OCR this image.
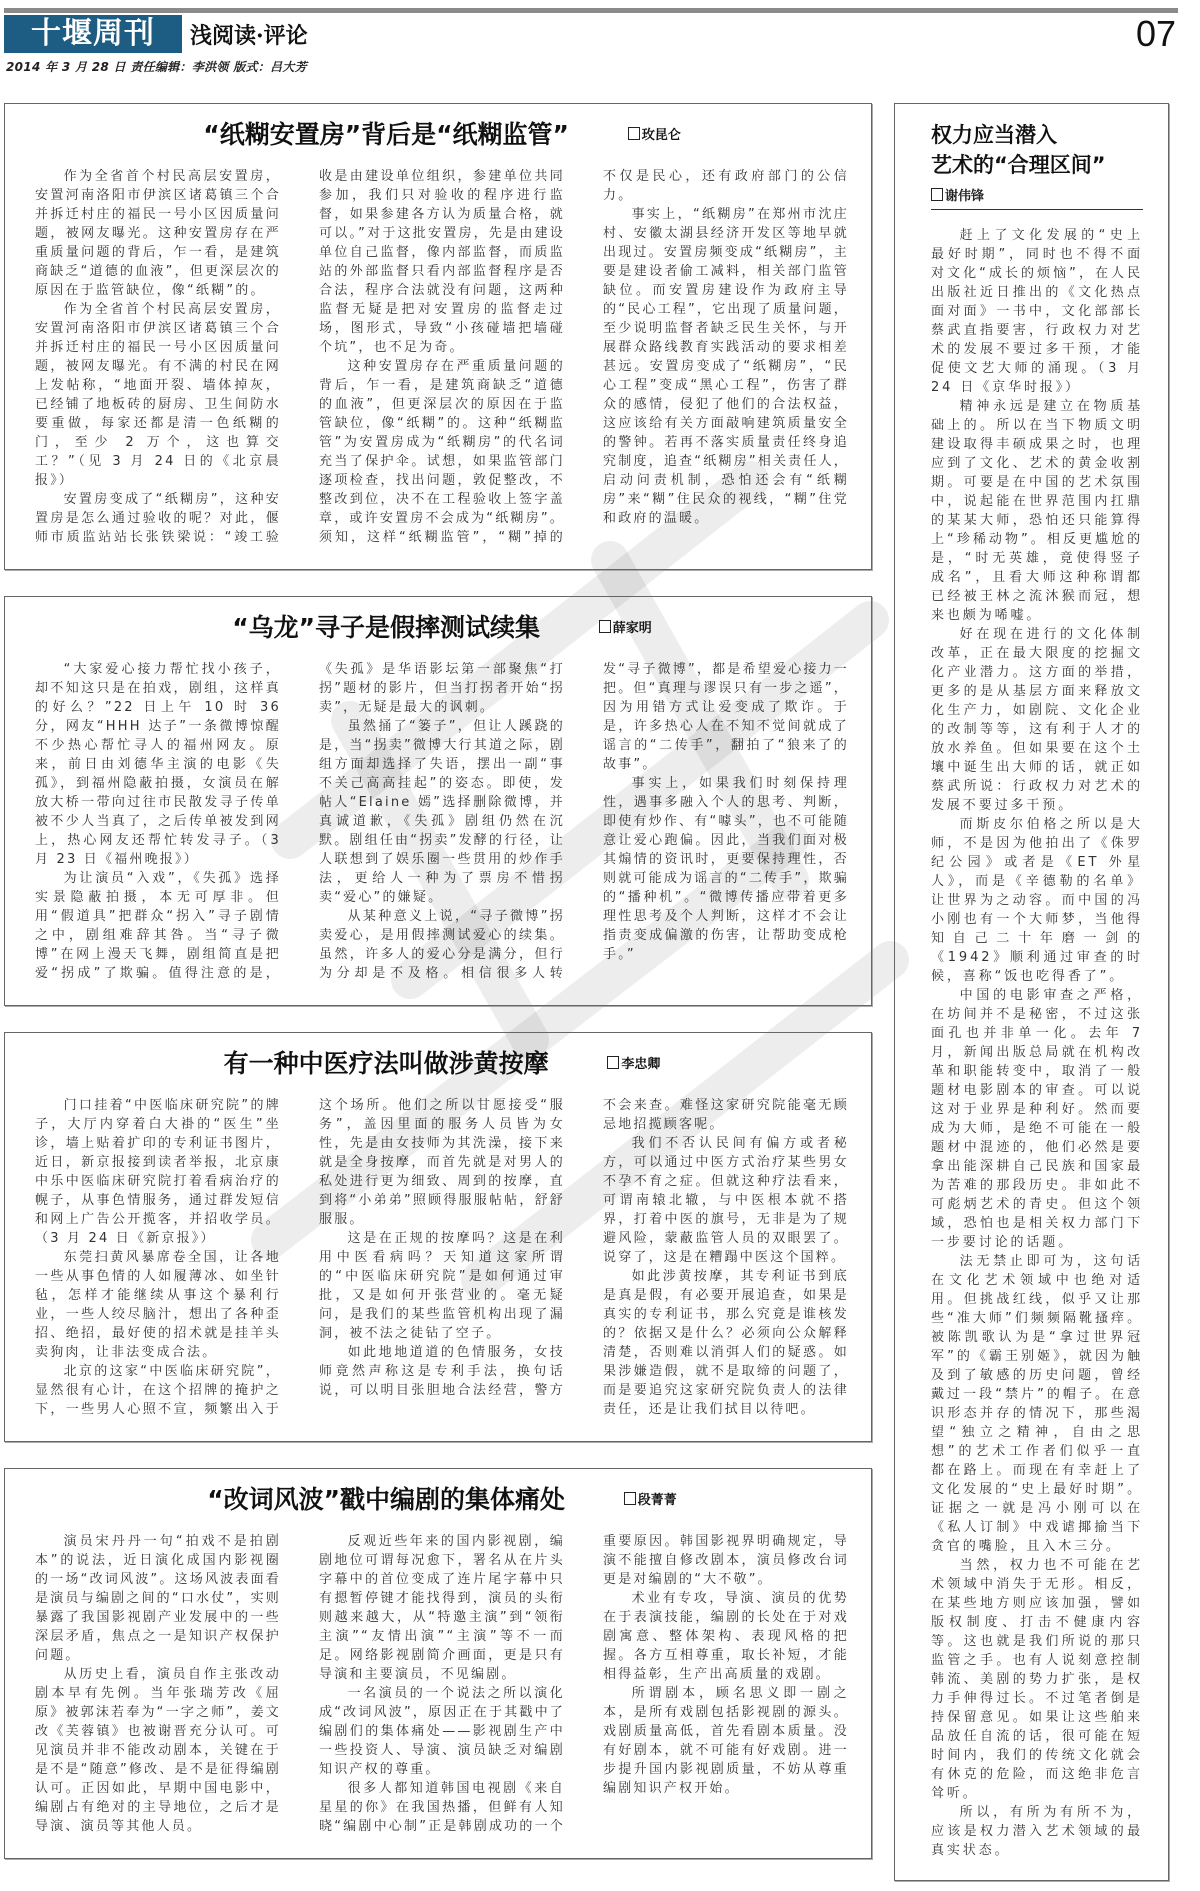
十堰周刊	浅阅读·评论	07
2014 年 3 月 28 日 责任编辑：李洪领 版式：吕大芳
“纸糊安置房”背后是“纸糊监管”	玫昆仑

作为全省首个村民高层安置房，安置河南洛阳市伊滨区诸葛镇三个合并拆迁村庄的福民一号小区因质量问题，被网友曝光。这种安置房存在严重质量问题的背后，乍一看，是建筑商缺乏“道德的血液”，但更深层次的原因在于监管缺位，像“纸糊”的。

作为全省首个村民高层安置房，安置河南洛阳市伊滨区诸葛镇三个合并拆迁村庄的福民一号小区因质量问题，被网友曝光。有不满的村民在网上发帖称，“地面开裂、墙体掉灰，已经铺了地板砖的厨房、卫生间防水要重做，每家还都是清一色纸糊的门，至少 2 万个，这也算交工？”（见 3 月 24 日的《北京晨报》）

安置房变成了“纸糊房”，这种安置房是怎么通过验收的呢？对此，偃师市质监站站长张铁梁说：“竣工验收是由建设单位组织，参建单位共同参加，我们只对验收的程序进行监督，如果参建各方认为质量合格，就可以。”对于这批安置房，先是由建设单位自己监督，像内部监督，而质监站的外部监督只看内部监督程序是否合法，程序合法就没有问题，这两种监督无疑是把对安置房的监督走过场，图形式，导致“小孩碰墙把墙碰个坑”，也不足为奇。

这种安置房存在严重质量问题的背后，乍一看，是建筑商缺乏“道德的血液”，但更深层次的原因在于监管缺位，像“纸糊”的。这种“纸糊监管”为安置房成为“纸糊房”的代名词充当了保护伞。试想，如果监管部门逐项检查，找出问题，敦促整改，不整改到位，决不在工程验收上签字盖章，或许安置房不会成为“纸糊房”。须知，这样“纸糊监管”，“糊”掉的不仅是民心，还有政府部门的公信力。

事实上，“纸糊房”在郑州市沈庄村、安徽太湖县经济开发区等地早就出现过。安置房频变成“纸糊房”，主要是建设者偷工减料，相关部门监管缺位。而安置房建设作为政府主导的“民心工程”，它出现了质量问题，至少说明监督者缺乏民生关怀，与开展群众路线教育实践活动的要求相差甚远。安置房变成了“纸糊房”，“民心工程”变成“黑心工程”，伤害了群众的感情，侵犯了他们的合法权益，这应该给有关方面敲响建筑质量安全的警钟。若再不落实质量责任终身追究制度，追查“纸糊房”相关责任人，启动问责机制，恐怕还会有“纸糊房”来“糊”住民众的视线，“糊”住党和政府的温暖。

“乌龙”寻子是假摔测试续集	薛家明

“大家爱心接力帮忙找小孩子，却不知这只是在拍戏，剧组，这样真的好么？”22 日上午 10 时 36 分，网友“HHH 达子”一条微博惊醒不少热心帮忙寻人的福州网友。原来，前日由刘德华主演的电影《失孤》，到福州隐蔽拍摄，女演员在解放大桥一带向过往市民散发寻子传单被不少人当真了，之后传单被发到网上，热心网友还帮忙转发寻子。（3 月 23 日《福州晚报》）

为让演员“入戏”，《失孤》选择实景隐蔽拍摄，本无可厚非。但用“假道具”把群众“拐入”寻子剧情之中，剧组难辞其咎。当“寻子微博”在网上漫天飞舞，剧组简直是把爱“拐成”了欺骗。值得注意的是，《失孤》是华语影坛第一部聚焦“打拐”题材的影片，但当打拐者开始“拐卖”，无疑是最大的讽刺。

虽然捅了“篓子”，但让人蹊跷的是，当“拐卖”微博大行其道之际，剧组方面却选择了失语，摆出一副“事不关己高高挂起”的姿态。即使，发帖人“Elaine 嫣”选择删除微博，并真诚道歉，《失孤》剧组仍然在沉默。剧组任由“拐卖”发酵的行径，让人联想到了娱乐圈一些贯用的炒作手法，更给人一种为了票房不惜拐卖“爱心”的嫌疑。

从某种意义上说，“寻子微博”拐卖爱心，是用假摔测试爱心的续集。虽然，许多人的爱心分是满分，但行为分却是不及格。相信很多人转发“寻子微博”，都是希望爱心接力一把。但“真理与谬误只有一步之遥”，因为用错方式让爱变成了欺诈。于是，许多热心人在不知不觉间就成了谣言的“二传手”，翻拍了“狼来了的故事”。

事实上，如果我们时刻保持理性，遇事多融入个人的思考、判断，即使有炒作、有“噱头”，也不可能随意让爱心跑偏。因此，当我们面对极其煽情的资讯时，更要保持理性，否则就可能成为谣言的“二传手”，欺骗的“播种机”。“微博传播应带着更多理性思考及个人判断，这样才不会让指责变成偏激的伤害，让帮助变成枪手。”

有一种中医疗法叫做涉黄按摩	李忠卿

门口挂着“中医临床研究院”的牌子，大厅内穿着白大褂的“医生”坐诊，墙上贴着扩印的专利证书图片，近日，新京报接到读者举报，北京康中乐中医临床研究院打着看病治疗的幌子，从事色情服务，通过群发短信和网上广告公开揽客，并招收学员。（3 月 24 日《新京报》）

东莞扫黄风暴席卷全国，让各地一些从事色情的人如履薄冰、如坐针毡，怎样才能继续从事这个暴利行业，一些人绞尽脑汁，想出了各种歪招、绝招，最好使的招术就是挂羊头卖狗肉，让非法变成合法。

北京的这家“中医临床研究院”，显然很有心计，在这个招牌的掩护之下，一些男人心照不宣，频繁出入于这个场所。他们之所以甘愿接受“服务”，盖因里面的服务人员皆为女性，先是由女技师为其洗澡，接下来就是全身按摩，而首先就是对男人的私处进行更为细致、周到的按摩，直到将“小弟弟”照顾得服服帖帖，舒舒服服。

这是在正规的按摩吗？这是在利用中医看病吗？天知道这家所谓的“中医临床研究院”是如何通过审批，又是如何开张营业的。毫无疑问，是我们的某些监管机构出现了漏洞，被不法之徒钻了空子。

如此地地道道的色情服务，女技师竟然声称这是专利手法，换句话说，可以明目张胆地合法经营，警方不会来查。难怪这家研究院能毫无顾忌地招揽顾客呢。

我们不否认民间有偏方或者秘方，可以通过中医方式治疗某些男女不孕不育之症。但就这种疗法看来，可谓南辕北辙，与中医根本就不搭界，打着中医的旗号，无非是为了规避风险，蒙蔽监管人员的双眼罢了。说穿了，这是在糟蹋中医这个国粹。

如此涉黄按摩，其专利证书到底是真是假，有必要开展追查，如果是真实的专利证书，那么究竟是谁核发的？依据又是什么？必须向公众解释清楚，否则难以消弭人们的疑惑。如果涉嫌造假，就不是取缔的问题了，而是要追究这家研究院负责人的法律责任，还是让我们拭目以待吧。

“改词风波”戳中编剧的集体痛处	段菁菁

演员宋丹丹一句“拍戏不是拍剧本”的说法，近日演化成国内影视圈的一场“改词风波”。这场风波表面看是演员与编剧之间的“口水仗”，实则暴露了我国影视剧产业发展中的一些深层矛盾，焦点之一是知识产权保护问题。

从历史上看，演员自作主张改动剧本早有先例。当年张瑞芳改《屈原》被郭沫若奉为“一字之师”，姜文改《芙蓉镇》也被谢晋充分认可。可见演员并非不能改动剧本，关键在于是不是“随意”修改、是不是征得编剧认可。正因如此，早期中国电影中，编剧占有绝对的主导地位，之后才是导演、演员等其他人员。

反观近些年来的国内影视剧，编剧地位可谓每况愈下，署名从在片头字幕中的首位变成了连片尾字幕中只有摁暂停键才能找得到，演员的头衔则越来越大，从“特邀主演”到“领衔主演”“友情出演”“主演”等不一而足。网络影视剧简介画面，更是只有导演和主要演员，不见编剧。

一名演员的一个说法之所以演化成“改词风波”，原因正在于其戳中了编剧们的集体痛处——影视剧生产中一些投资人、导演、演员缺乏对编剧知识产权的尊重。

很多人都知道韩国电视剧《来自星星的你》在我国热播，但鲜有人知晓“编剧中心制”正是韩剧成功的一个重要原因。韩国影视界明确规定，导演不能擅自修改剧本，演员修改台词更是对编剧的“大不敬”。

术业有专攻，导演、演员的优势在于表演技能，编剧的长处在于对戏剧寓意、整体架构、表现风格的把握。各方互相尊重，取长补短，才能相得益彰，生产出高质量的戏剧。

所谓剧本，顾名思义即一剧之本，是所有戏剧包括影视剧的源头。戏剧质量高低，首先看剧本质量。没有好剧本，就不可能有好戏剧。进一步提升国内影视剧质量，不妨从尊重编剧知识产权开始。

权力应当潜入
艺术的“合理区间”
谢伟锋

赶上了文化发展的“史上最好时期”，同时也不得不面对文化“成长的烦恼”，在人民出版社近日推出的《文化热点面对面》一书中，文化部部长蔡武直指要害，行政权力对艺术的发展不要过多干预，才能促使文艺大师的涌现。（3 月 24 日《京华时报》）

精神永远是建立在物质基础上的。所以在当下物质文明建设取得丰硕成果之时，也理应到了文化、艺术的黄金收割期。可要是在中国的艺术氛围中，说起能在世界范围内扛鼎的某某大师，恐怕还只能算得上“珍稀动物”。相反更尴尬的是，“时无英雄，竟使得竖子成名”，且看大师这种称谓都已经被王林之流沐猴而冠，想来也颇为唏嘘。

好在现在进行的文化体制改革，正在最大限度的挖掘文化产业潜力。这方面的举措，更多的是从基层方面来释放文化生产力，如剧院、文化企业的改制等等，这有利于人才的放水养鱼。但如果要在这个土壤中诞生出大师的话，就正如蔡武所说：行政权力对艺术的发展不要过多干预。

而斯皮尔伯格之所以是大师，不是因为他拍出了《侏罗纪公园》或者是《ET 外星人》，而是《辛德勒的名单》让世界为之动容。而中国的冯小刚也有一个大师梦，当他得知自己二十年磨一剑的《1942》顺利通过审查的时候，喜称“饭也吃得香了”。

中国的电影审查之严格，在坊间并不是秘密，不过这张面孔也并非单一化。去年 7 月，新闻出版总局就在机构改革和职能转变中，取消了一般题材电影剧本的审查。可以说这对于业界是种利好。然而要成为大师，是绝不可能在一般题材中混迹的，他们必然是要拿出能深耕自己民族和国家最为苦难的那段历史。非如此不可彪炳艺术的青史。但这个领域，恐怕也是相关权力部门下一步要讨论的话题。

法无禁止即可为，这句话在文化艺术领域中也绝对适用。但挑战红线，似乎又让那些“准大师”们频频隔靴搔痒。被陈凯歌认为是“拿过世界冠军”的《霸王别姬》，就因为触及到了敏感的历史问题，曾经戴过一段“禁片”的帽子。在意识形态并存的情况下，那些渴望“独立之精神，自由之思想”的艺术工作者们似乎一直都在路上。而现在有幸赶上了文化发展的“史上最好时期”。证据之一就是冯小刚可以在《私人订制》中戏谑揶揄当下贪官的嘴脸，且入木三分。

当然，权力也不可能在艺术领域中消失于无形。相反，在某些地方则应该加强，譬如版权制度、打击不健康内容等。这也就是我们所说的那只监管之手。也有人说刻意控制韩流、美剧的势力扩张，是权力手伸得过长。不过笔者倒是持保留意见。如果让这些舶来品放任自流的话，很可能在短时间内，我们的传统文化就会有休克的危险，而这绝非危言耸听。

所以，有所为有所不为，应该是权力潜入艺术领域的最真实状态。
